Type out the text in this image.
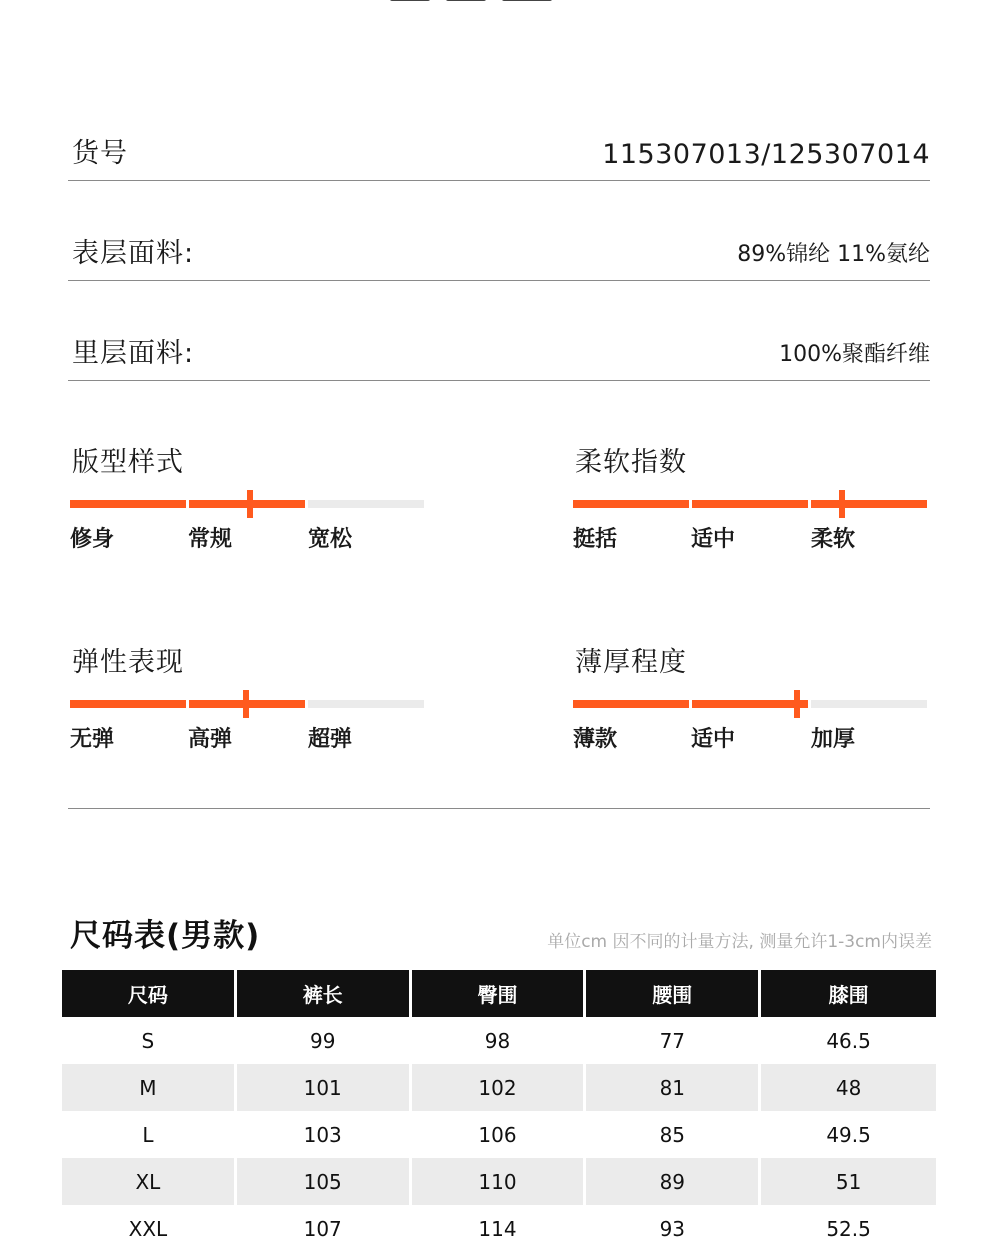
货号	115307013/125307014
表层面料:	89%锦纶 11%氨纶
里层面料:	100%聚酯纤维
版型样式
修身	常规	宽松
柔软指数
挺括	适中	柔软
弹性表现
无弹	高弹	超弹
薄厚程度
薄款	适中	加厚
尺码表(男款)	单位cm 因不同的计量方法, 测量允许1-3cm内误差
尺码	裤长	臀围	腰围	膝围
S	99	98	77	46.5
M	101	102	81	48
L	103	106	85	49.5
XL	105	110	89	51
XXL	107	114	93	52.5
